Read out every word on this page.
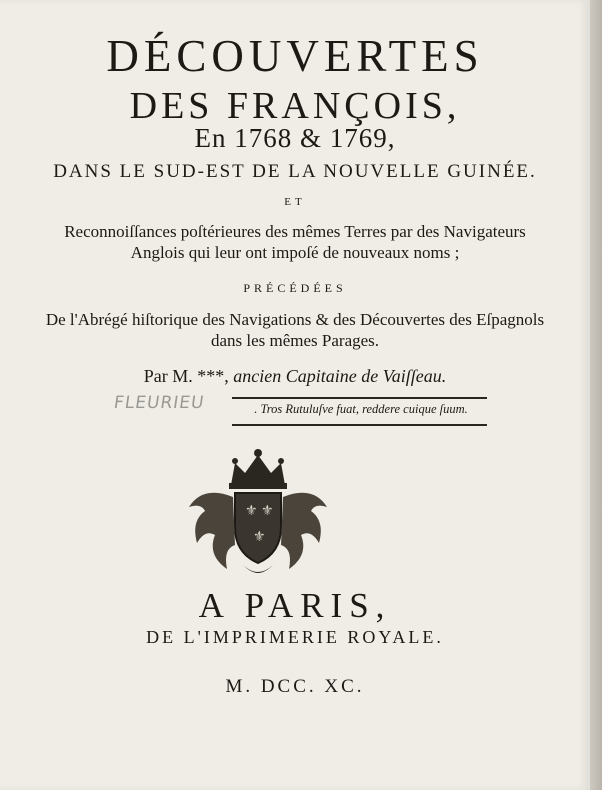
DÉCOUVERTES
DES FRANÇOIS,
En 1768 & 1769,
DANS LE SUD-EST DE LA NOUVELLE GUINÉE.
ET
Reconnoiſſances poſtérieures des mêmes Terres par des Navigateurs
Anglois qui leur ont impoſé de nouveaux noms ;
PRÉCÉDÉES
De l'Abrégé hiſtorique des Navigations & des Découvertes des Eſpagnols
dans les mêmes Parages.
Par M. ***, ancien Capitaine de Vaiſſeau.
FLEURIEU	. Tros Rutuluſve fuat, reddere cuique ſuum.
⚜ ⚜
⚜
A PARIS,
DE L'IMPRIMERIE ROYALE.
M. DCC. XC.
